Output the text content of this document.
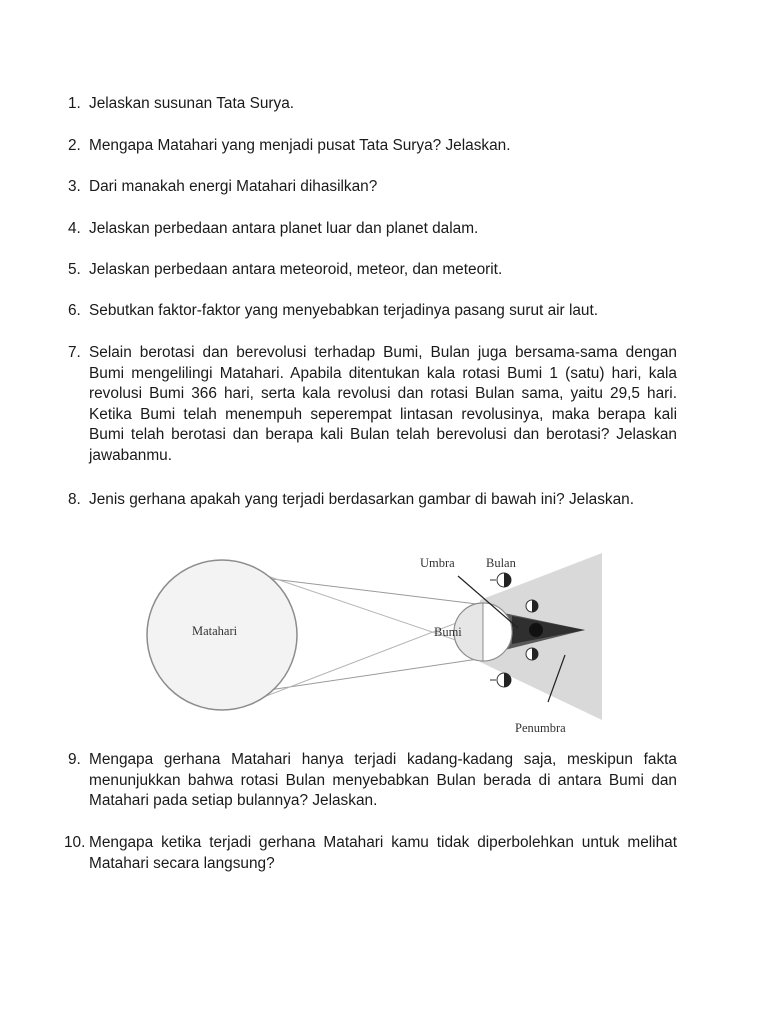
1. Jelaskan susunan Tata Surya.
2. Mengapa Matahari yang menjadi pusat Tata Surya? Jelaskan.
3. Dari manakah energi Matahari dihasilkan?
4. Jelaskan perbedaan antara planet luar dan planet dalam.
5. Jelaskan perbedaan antara meteoroid, meteor, dan meteorit.
6. Sebutkan faktor-faktor yang menyebabkan terjadinya pasang surut air laut.
7. Selain berotasi dan berevolusi terhadap Bumi, Bulan juga bersama-sama dengan Bumi mengelilingi Matahari. Apabila ditentukan kala rotasi Bumi 1 (satu) hari, kala revolusi Bumi 366 hari, serta kala revolusi dan rotasi Bulan sama, yaitu 29,5 hari. Ketika Bumi telah menempuh seperempat lintasan revolusinya, maka berapa kali Bumi telah berotasi dan berapa kali Bulan telah berevolusi dan berotasi? Jelaskan jawabanmu.
8. Jenis gerhana apakah yang terjadi berdasarkan gambar di bawah ini? Jelaskan.
Matahari	Bumi
Umbra	Bulan
Penumbra
9. Mengapa gerhana Matahari hanya terjadi kadang-kadang saja, meskipun fakta menunjukkan bahwa rotasi Bulan menyebabkan Bulan berada di antara Bumi dan Matahari pada setiap bulannya? Jelaskan.
10. Mengapa ketika terjadi gerhana Matahari kamu tidak diperbolehkan untuk melihat Matahari secara langsung?
